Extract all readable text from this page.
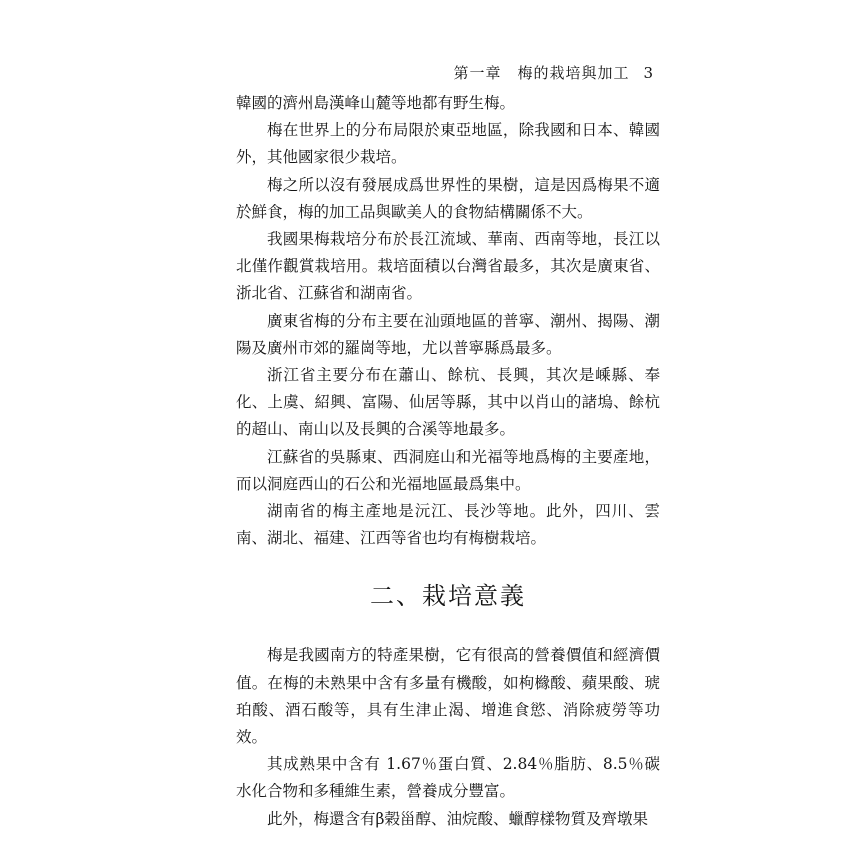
第一章　梅的栽培與加工 3

韓國的濟州島漢峰山麓等地都有野生梅。

梅在世界上的分布局限於東亞地區，除我國和日本、韓國外，其他國家很少栽培。

梅之所以沒有發展成爲世界性的果樹，這是因爲梅果不適於鮮食，梅的加工品與歐美人的食物結構關係不大。

我國果梅栽培分布於長江流域、華南、西南等地，長江以北僅作觀賞栽培用。栽培面積以台灣省最多，其次是廣東省、浙北省、江蘇省和湖南省。

廣東省梅的分布主要在汕頭地區的普寧、潮州、揭陽、潮陽及廣州市郊的羅崗等地，尤以普寧縣爲最多。

浙江省主要分布在蕭山、餘杭、長興，其次是嵊縣、奉化、上虞、紹興、富陽、仙居等縣，其中以肖山的諸塢、餘杭的超山、南山以及長興的合溪等地最多。

江蘇省的吳縣東、西洞庭山和光福等地爲梅的主要產地，而以洞庭西山的石公和光福地區最爲集中。

湖南省的梅主產地是沅江、長沙等地。此外，四川、雲南、湖北、福建、江西等省也均有梅樹栽培。

二、栽培意義

梅是我國南方的特產果樹，它有很高的營養價值和經濟價值。在梅的未熟果中含有多量有機酸，如枸櫞酸、蘋果酸、琥珀酸、酒石酸等，具有生津止渴、增進食慾、消除疲勞等功效。

其成熟果中含有 1.67％蛋白質、2.84％脂肪、8.5％碳水化合物和多種維生素，營養成分豐富。

此外，梅還含有β榖甾醇、油烷酸、蠟醇樣物質及齊墩果
